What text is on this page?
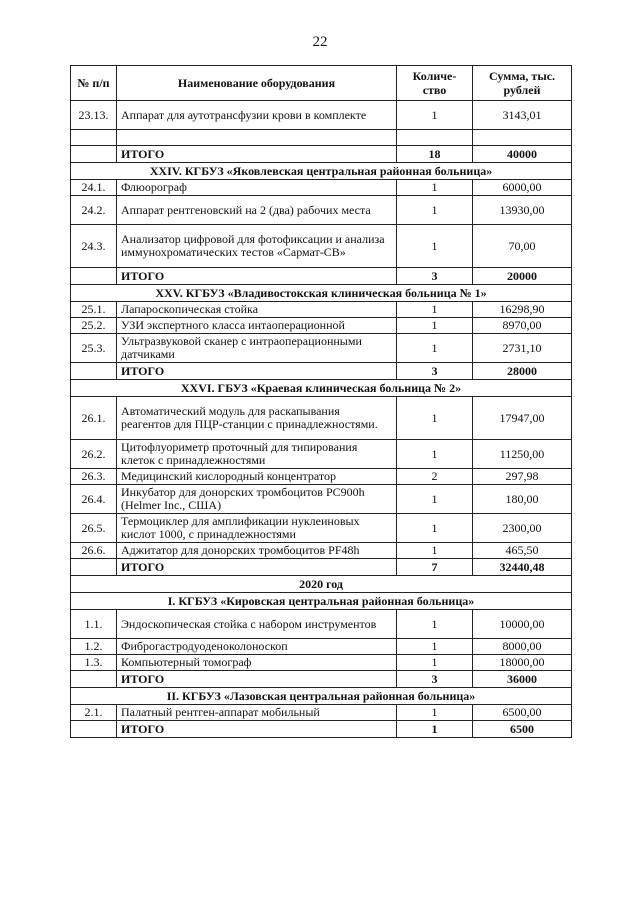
22
№ п/п	Наименование оборудования	Количе-ство	Сумма, тыс. рублей
23.13.	Аппарат для аутотрансфузии крови в комплекте	1	3143,01

	ИТОГО	18	40000
XXIV. КГБУЗ «Яковлевская центральная районная больница»			
24.1.	Флюорограф	1	6000,00
24.2.	Аппарат рентгеновский на 2 (два) рабочих места	1	13930,00
24.3.	Анализатор цифровой для фотофиксации и анализа иммунохроматических тестов «Сармат-СВ»	1	70,00
	ИТОГО	3	20000
XXV. КГБУЗ «Владивостокская клиническая больница № 1»			
25.1.	Лапароскопическая стойка	1	16298,90
25.2.	УЗИ экспертного класса интаоперационной	1	8970,00
25.3.	Ультразвуковой сканер с интраоперационными датчиками	1	2731,10
	ИТОГО	3	28000
XXVI. ГБУЗ «Краевая клиническая больница № 2»			
26.1.	Автоматический модуль для раскапывания реагентов для ПЦР-станции с принадлежностями.	1	17947,00
26.2.	Цитофлуориметр проточный для типирования клеток с принадлежностями	1	11250,00
26.3.	Медицинский кислородный концентратор	2	297,98
26.4.	Инкубатор для донорских тромбоцитов PC900h (Helmer Inc., США)	1	180,00
26.5.	Термоциклер для амплификации нуклеиновых кислот 1000, с принадлежностями	1	2300,00
26.6.	Аджитатор для донорских тромбоцитов PF48h	1	465,50
	ИТОГО	7	32440,48
2020 год			
I. КГБУЗ «Кировская центральная районная больница»			
1.1.	Эндоскопическая стойка с набором инструментов	1	10000,00
1.2.	Фиброгастродуоденоколоноскоп	1	8000,00
1.3.	Компьютерный томограф	1	18000,00
	ИТОГО	3	36000
II. КГБУЗ «Лазовская центральная районная больница»			
2.1.	Палатный рентген-аппарат мобильный	1	6500,00
	ИТОГО	1	6500
